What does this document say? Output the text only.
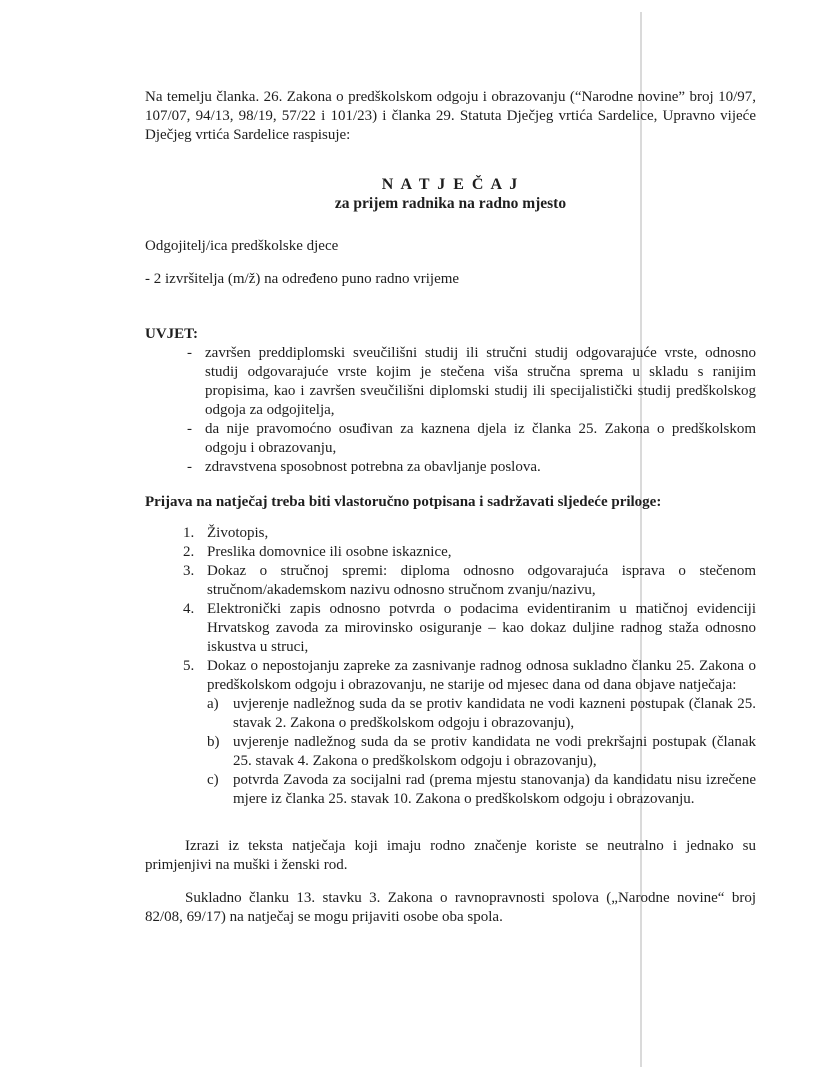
Na temelju članka. 26. Zakona o predškolskom odgoju i obrazovanju (“Narodne novine” broj 10/97, 107/07, 94/13, 98/19, 57/22 i 101/23) i članka 29. Statuta Dječjeg vrtića Sardelice, Upravno vijeće Dječjeg vrtića Sardelice raspisuje:

N A T J E Č A J
za prijem radnika na radno mjesto

Odgojitelj/ica predškolske djece

- 2 izvršitelja (m/ž) na određeno puno radno vrijeme

UVJET:

- završen preddiplomski sveučilišni studij ili stručni studij odgovarajuće vrste, odnosno studij odgovarajuće vrste kojim je stečena viša stručna sprema u skladu s ranijim propisima, kao i završen sveučilišni diplomski studij ili specijalistički studij predškolskog odgoja za odgojitelja,
- da nije pravomoćno osuđivan za kaznena djela iz članka 25. Zakona o predškolskom odgoju i obrazovanju,
- zdravstvena sposobnost potrebna za obavljanje poslova.

Prijava na natječaj treba biti vlastoručno potpisana i sadržavati sljedeće priloge:

1. Životopis,
2. Preslika domovnice ili osobne iskaznice,
3. Dokaz o stručnoj spremi: diploma odnosno odgovarajuća isprava o stečenom stručnom/akademskom nazivu odnosno stručnom zvanju/nazivu,
4. Elektronički zapis odnosno potvrda o podacima evidentiranim u matičnoj evidenciji Hrvatskog zavoda za mirovinsko osiguranje – kao dokaz duljine radnog staža odnosno iskustva u struci,
5. Dokaz o nepostojanju zapreke za zasnivanje radnog odnosa sukladno članku 25. Zakona o predškolskom odgoju i obrazovanju, ne starije od mjesec dana od dana objave natječaja:
a) uvjerenje nadležnog suda da se protiv kandidata ne vodi kazneni postupak (članak 25. stavak 2. Zakona o predškolskom odgoju i obrazovanju),
b) uvjerenje nadležnog suda da se protiv kandidata ne vodi prekršajni postupak (članak 25. stavak 4. Zakona o predškolskom odgoju i obrazovanju),
c) potvrda Zavoda za socijalni rad (prema mjestu stanovanja) da kandidatu nisu izrečene mjere iz članka 25. stavak 10. Zakona o predškolskom odgoju i obrazovanju.

Izrazi iz teksta natječaja koji imaju rodno značenje koriste se neutralno i jednako su primjenjivi na muški i ženski rod.

Sukladno članku 13. stavku 3. Zakona o ravnopravnosti spolova („Narodne novine“ broj 82/08, 69/17) na natječaj se mogu prijaviti osobe oba spola.
